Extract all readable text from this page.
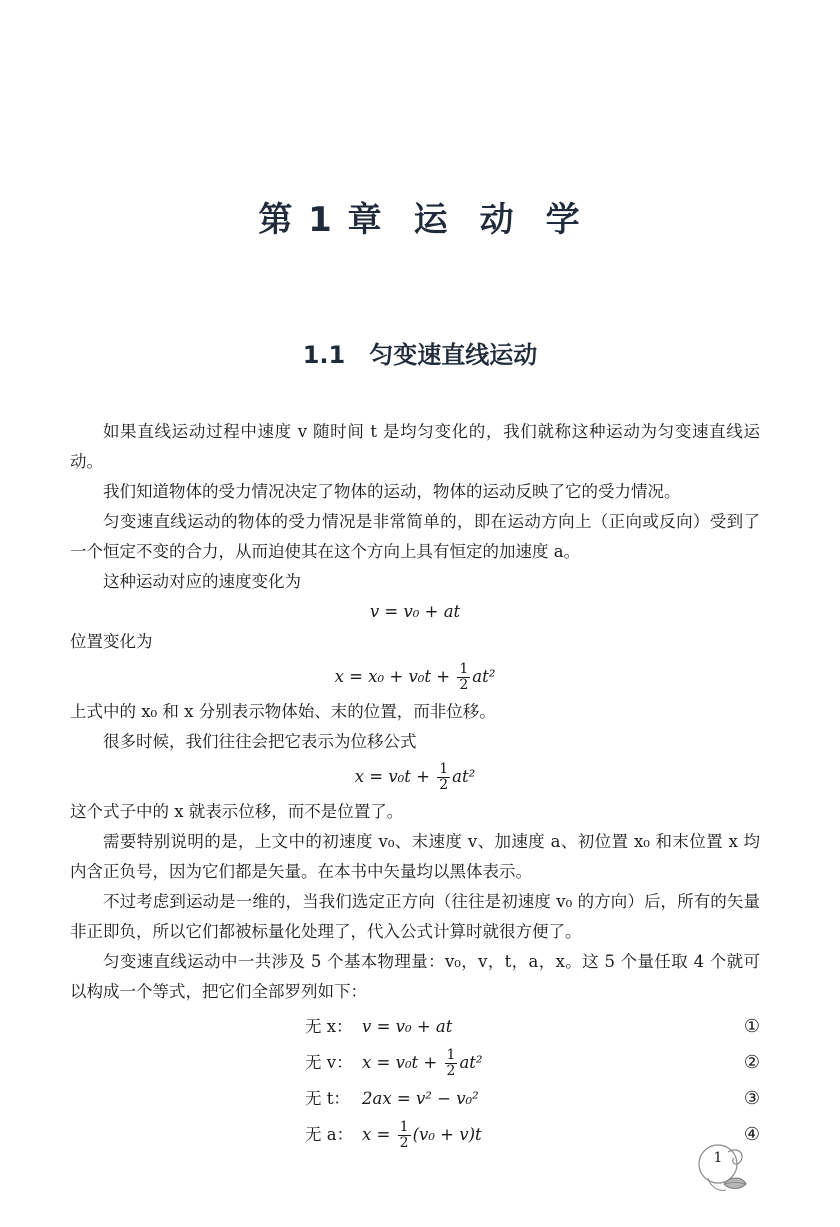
第 1 章 运 动 学
1.1 匀变速直线运动

如果直线运动过程中速度 v 随时间 t 是均匀变化的，我们就称这种运动为匀变速直线运动。

我们知道物体的受力情况决定了物体的运动，物体的运动反映了它的受力情况。

匀变速直线运动的物体的受力情况是非常简单的，即在运动方向上（正向或反向）受到了一个恒定不变的合力，从而迫使其在这个方向上具有恒定的加速度 a。

这种运动对应的速度变化为

v = v₀ + at

位置变化为

$x = x_0 + v_0t + \frac{1}{2} at^2$

上式中的 x₀ 和 x 分别表示物体始、末的位置，而非位移。

很多时候，我们往往会把它表示为位移公式

$x = v_0t + \frac{1}{2} at^2$

这个式子中的 x 就表示位移，而不是位置了。

需要特别说明的是，上文中的初速度 v₀、末速度 v、加速度 a、初位置 x₀ 和末位置 x 均内含正负号，因为它们都是矢量。在本书中矢量均以黑体表示。

不过考虑到运动是一维的，当我们选定正方向（往往是初速度 v₀ 的方向）后，所有的矢量非正即负，所以它们都被标量化处理了，代入公式计算时就很方便了。

匀变速直线运动中一共涉及 5 个基本物理量：v₀，v，t，a，x。这 5 个量任取 4 个就可以构成一个等式，把它们全部罗列如下：

无 x： v = v₀ + at	①
无 v： $x = v_0t + \frac{1}{2} at^2$	②
无 t： 2ax = v² − v₀²	③
无 a： $x = \frac{1}{2} (v_0 + v)t$	④
1
